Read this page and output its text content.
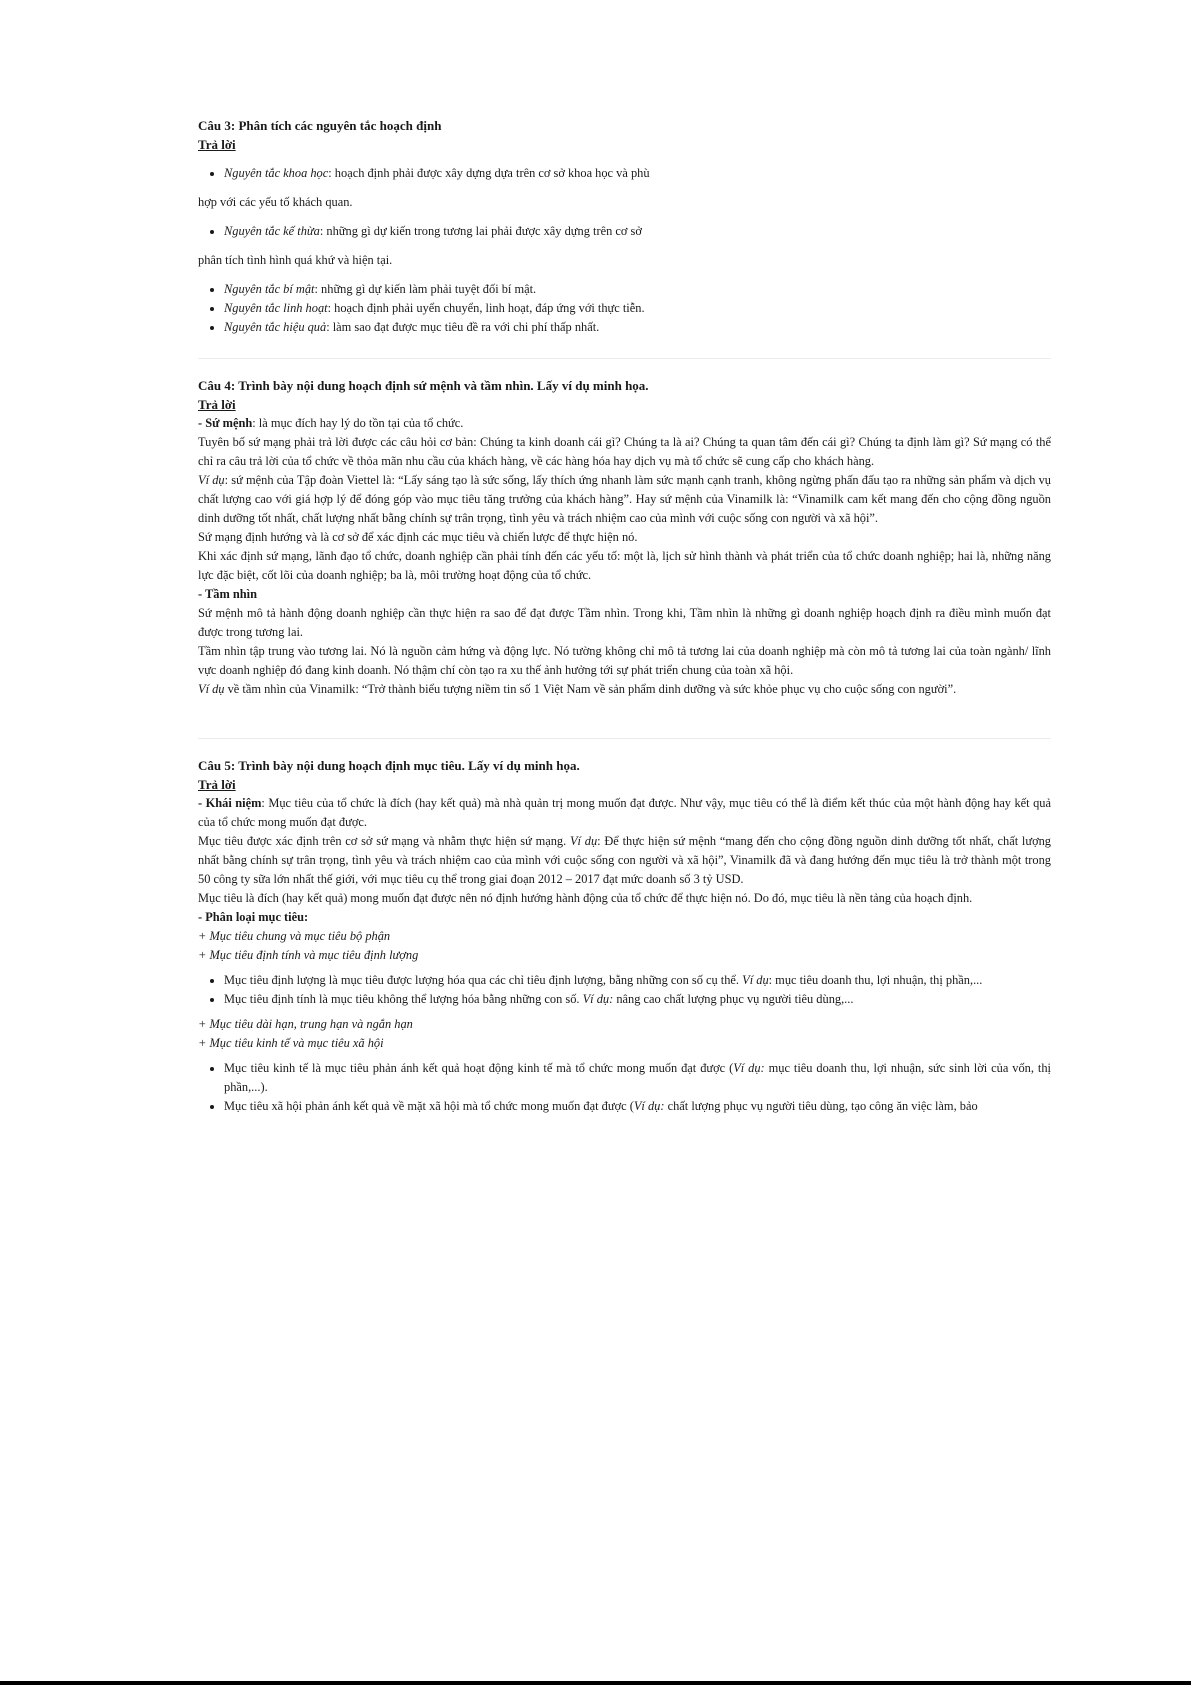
Câu 3: Phân tích các nguyên tắc hoạch định

Trả lời

• Nguyên tắc khoa học: hoạch định phải được xây dựng dựa trên cơ sở khoa học và phù

hợp với các yếu tố khách quan.

• Nguyên tắc kế thừa: những gì dự kiến trong tương lai phải được xây dựng trên cơ sở

phân tích tình hình quá khứ và hiện tại.

• Nguyên tắc bí mật: những gì dự kiến làm phải tuyệt đối bí mật.
• Nguyên tắc linh hoạt: hoạch định phải uyển chuyển, linh hoạt, đáp ứng với thực tiễn.
• Nguyên tắc hiệu quả: làm sao đạt được mục tiêu đề ra với chi phí thấp nhất.

Câu 4: Trình bày nội dung hoạch định sứ mệnh và tầm nhìn. Lấy ví dụ minh họa.

Trả lời

- Sứ mệnh: là mục đích hay lý do tồn tại của tổ chức.

Tuyên bố sứ mạng phải trả lời được các câu hỏi cơ bản: Chúng ta kinh doanh cái gì? Chúng ta là ai? Chúng ta quan tâm đến cái gì? Chúng ta định làm gì? Sứ mạng có thể chỉ ra câu trả lời của tổ chức về thỏa mãn nhu cầu của khách hàng, về các hàng hóa hay dịch vụ mà tổ chức sẽ cung cấp cho khách hàng.

Ví dụ: sứ mệnh của Tập đoàn Viettel là: “Lấy sáng tạo là sức sống, lấy thích ứng nhanh làm sức mạnh cạnh tranh, không ngừng phấn đấu tạo ra những sản phẩm và dịch vụ chất lượng cao với giá hợp lý để đóng góp vào mục tiêu tăng trưởng của khách hàng”. Hay sứ mệnh của Vinamilk là: “Vinamilk cam kết mang đến cho cộng đồng nguồn dinh dưỡng tốt nhất, chất lượng nhất bằng chính sự trân trọng, tình yêu và trách nhiệm cao của mình với cuộc sống con người và xã hội”.

Sứ mạng định hướng và là cơ sở để xác định các mục tiêu và chiến lược để thực hiện nó.

Khi xác định sứ mạng, lãnh đạo tổ chức, doanh nghiệp cần phải tính đến các yếu tố: một là, lịch sử hình thành và phát triển của tổ chức doanh nghiệp; hai là, những năng lực đặc biệt, cốt lõi của doanh nghiệp; ba là, môi trường hoạt động của tổ chức.

- Tầm nhìn

Sứ mệnh mô tả hành động doanh nghiệp cần thực hiện ra sao để đạt được Tầm nhìn. Trong khi, Tầm nhìn là những gì doanh nghiệp hoạch định ra điều mình muốn đạt được trong tương lai.

Tầm nhìn tập trung vào tương lai. Nó là nguồn cảm hứng và động lực. Nó tường không chỉ mô tả tương lai của doanh nghiệp mà còn mô tả tương lai của toàn ngành/ lĩnh vực doanh nghiệp đó đang kinh doanh. Nó thậm chí còn tạo ra xu thế ảnh hưởng tới sự phát triển chung của toàn xã hội.

Ví dụ về tầm nhìn của Vinamilk: “Trở thành biểu tượng niềm tin số 1 Việt Nam về sản phẩm dinh dưỡng và sức khỏe phục vụ cho cuộc sống con người”.

Câu 5: Trình bày nội dung hoạch định mục tiêu. Lấy ví dụ minh họa.

Trả lời

- Khái niệm: Mục tiêu của tổ chức là đích (hay kết quả) mà nhà quản trị mong muốn đạt được. Như vậy, mục tiêu có thể là điểm kết thúc của một hành động hay kết quả của tổ chức mong muốn đạt được.

Mục tiêu được xác định trên cơ sở sứ mạng và nhằm thực hiện sứ mạng. Ví dụ: Để thực hiện sứ mệnh “mang đến cho cộng đồng nguồn dinh dưỡng tốt nhất, chất lượng nhất bằng chính sự trân trọng, tình yêu và trách nhiệm cao của mình với cuộc sống con người và xã hội”, Vinamilk đã và đang hướng đến mục tiêu là trở thành một trong 50 công ty sữa lớn nhất thế giới, với mục tiêu cụ thể trong giai đoạn 2012 – 2017 đạt mức doanh số 3 tỷ USD.

Mục tiêu là đích (hay kết quả) mong muốn đạt được nên nó định hướng hành động của tổ chức để thực hiện nó. Do đó, mục tiêu là nền tảng của hoạch định.

- Phân loại mục tiêu:

+ Mục tiêu chung và mục tiêu bộ phận

+ Mục tiêu định tính và mục tiêu định lượng

• Mục tiêu định lượng là mục tiêu được lượng hóa qua các chỉ tiêu định lượng, bằng những con số cụ thể. Ví dụ: mục tiêu doanh thu, lợi nhuận, thị phần,...
• Mục tiêu định tính là mục tiêu không thể lượng hóa bằng những con số. Ví dụ: nâng cao chất lượng phục vụ người tiêu dùng,...

+ Mục tiêu dài hạn, trung hạn và ngắn hạn

+ Mục tiêu kinh tế và mục tiêu xã hội

• Mục tiêu kinh tế là mục tiêu phản ánh kết quả hoạt động kinh tế mà tổ chức mong muốn đạt được (Ví dụ: mục tiêu doanh thu, lợi nhuận, sức sinh lời của vốn, thị phần,...).
• Mục tiêu xã hội phản ánh kết quả về mặt xã hội mà tổ chức mong muốn đạt được (Ví dụ: chất lượng phục vụ người tiêu dùng, tạo công ăn việc làm, bảo
